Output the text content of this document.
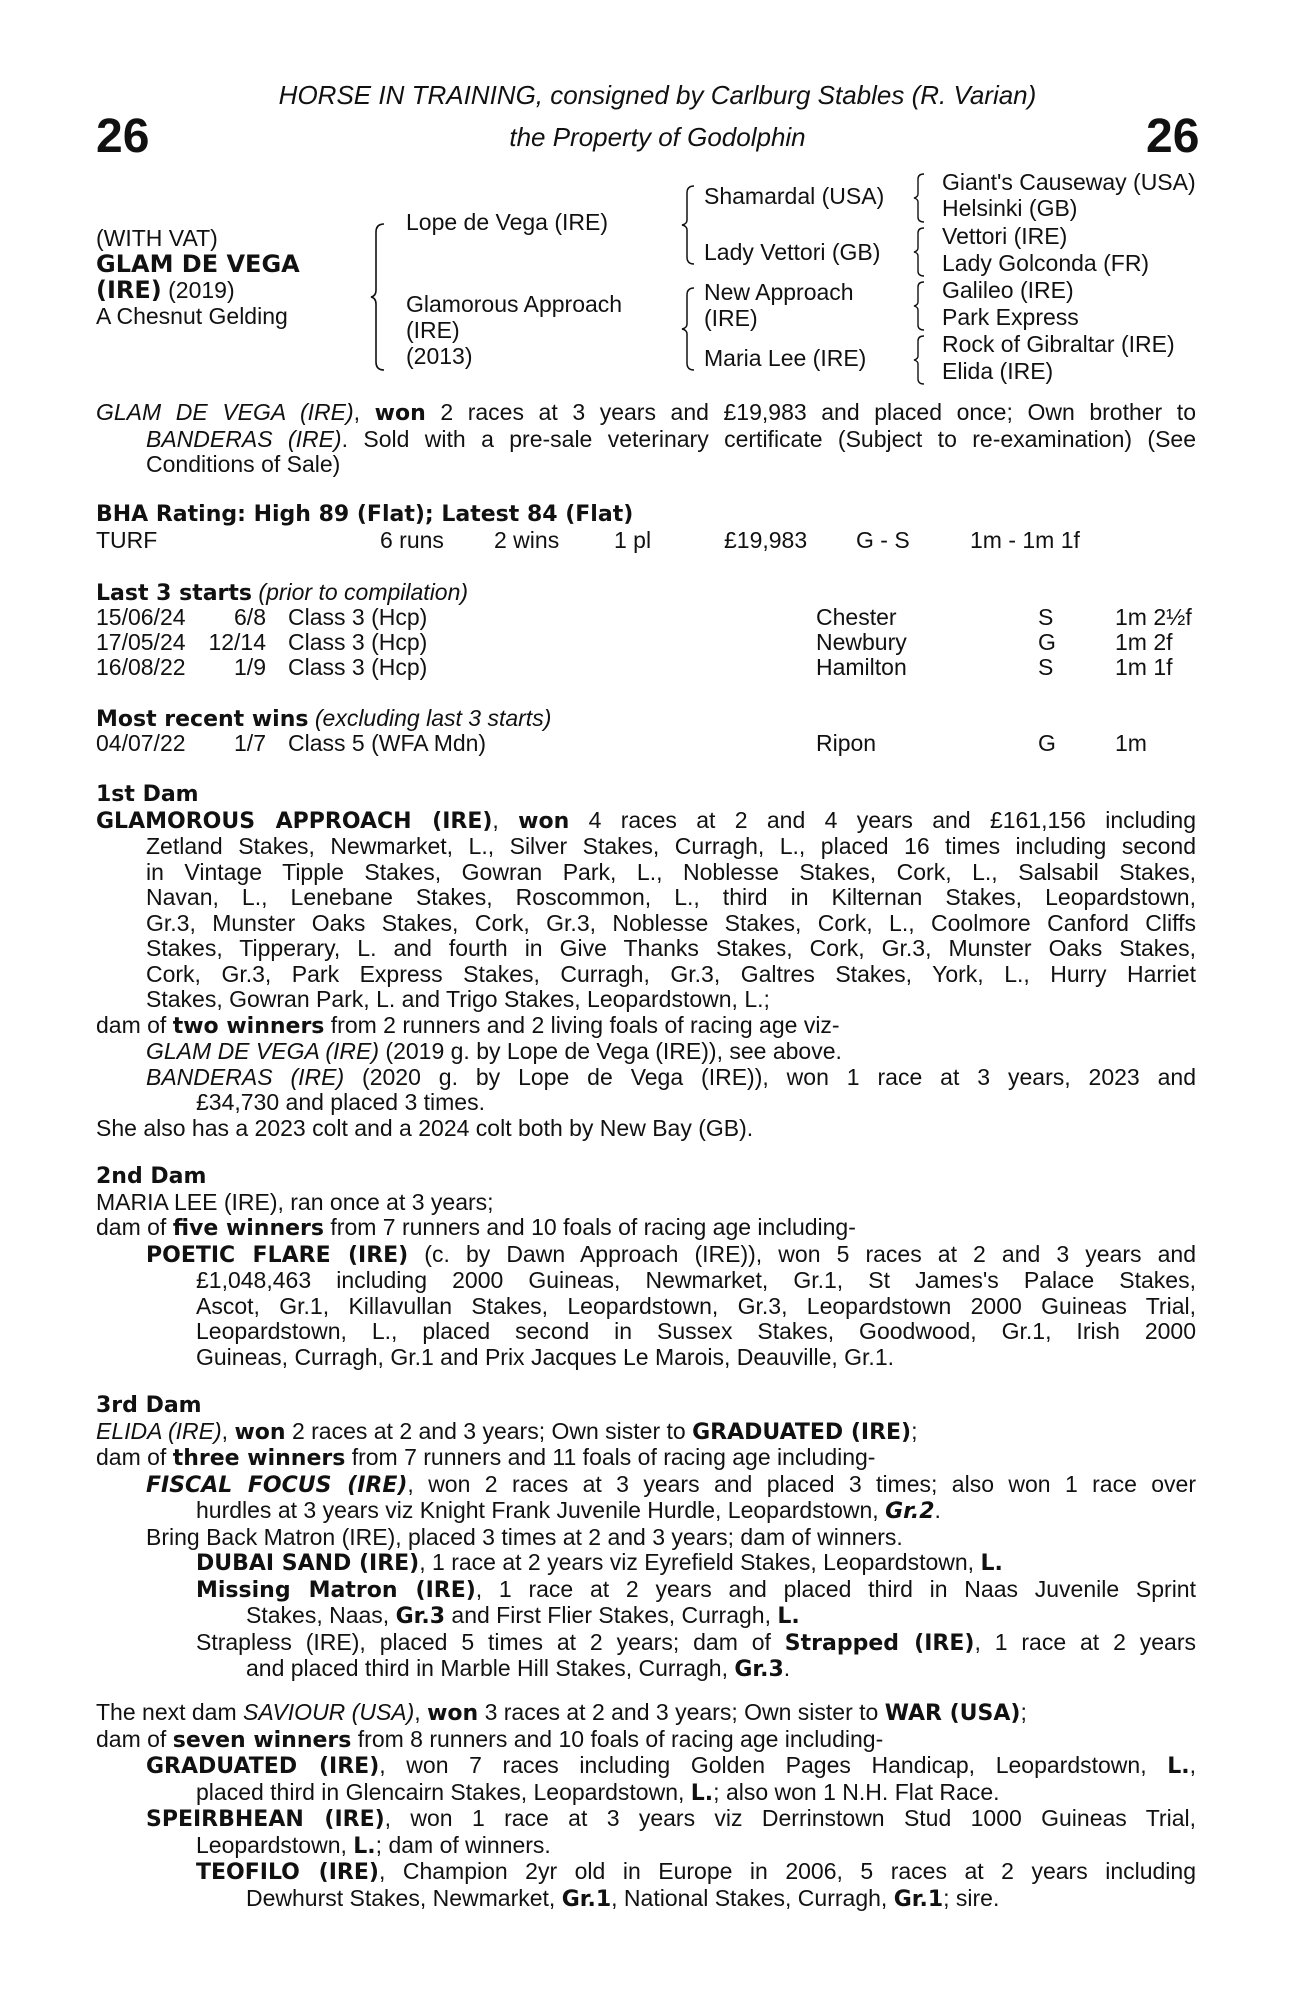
26	26
HORSE IN TRAINING, consigned by Carlburg Stables (R. Varian)
the Property of Godolphin
(WITH VAT)
GLAM DE VEGA
(IRE) (2019)
A Chesnut Gelding
Lope de Vega (IRE)
Glamorous Approach
(IRE)
(2013)
Shamardal (USA)
Lady Vettori (GB)
New Approach
(IRE)
Maria Lee (IRE)
Giant's Causeway (USA)
Helsinki (GB)
Vettori (IRE)
Lady Golconda (FR)
Galileo (IRE)
Park Express
Rock of Gibraltar (IRE)
Elida (IRE)
GLAM DE VEGA (IRE), won 2 races at 3 years and £19,983 and placed once; Own brother to
BANDERAS (IRE). Sold with a pre-sale veterinary certificate (Subject to re-examination) (See
Conditions of Sale)
BHA Rating: High 89 (Flat); Latest 84 (Flat)
TURF	6 runs 2 wins 1 pl	£19,983 G - S	1m - 1m 1f
Last 3 starts (prior to compilation)
15/06/24 6/8 Class 3 (Hcp)	Chester	S	1m 2½f
17/05/24 12/14 Class 3 (Hcp)	Newbury	G	1m 2f
16/08/22 1/9 Class 3 (Hcp)	Hamilton	S	1m 1f
Most recent wins (excluding last 3 starts)
04/07/22 1/7 Class 5 (WFA Mdn)	Ripon	G	1m
1st Dam
GLAMOROUS APPROACH (IRE), won 4 races at 2 and 4 years and £161,156 including
Zetland Stakes, Newmarket, L., Silver Stakes, Curragh, L., placed 16 times including second
in Vintage Tipple Stakes, Gowran Park, L., Noblesse Stakes, Cork, L., Salsabil Stakes,
Navan, L., Lenebane Stakes, Roscommon, L., third in Kilternan Stakes, Leopardstown,
Gr.3, Munster Oaks Stakes, Cork, Gr.3, Noblesse Stakes, Cork, L., Coolmore Canford Cliffs
Stakes, Tipperary, L. and fourth in Give Thanks Stakes, Cork, Gr.3, Munster Oaks Stakes,
Cork, Gr.3, Park Express Stakes, Curragh, Gr.3, Galtres Stakes, York, L., Hurry Harriet
Stakes, Gowran Park, L. and Trigo Stakes, Leopardstown, L.;
dam of two winners from 2 runners and 2 living foals of racing age viz-
GLAM DE VEGA (IRE) (2019 g. by Lope de Vega (IRE)), see above.
BANDERAS (IRE) (2020 g. by Lope de Vega (IRE)), won 1 race at 3 years, 2023 and
£34,730 and placed 3 times.
She also has a 2023 colt and a 2024 colt both by New Bay (GB).
2nd Dam
MARIA LEE (IRE), ran once at 3 years;
dam of five winners from 7 runners and 10 foals of racing age including-
POETIC FLARE (IRE) (c. by Dawn Approach (IRE)), won 5 races at 2 and 3 years and
£1,048,463 including 2000 Guineas, Newmarket, Gr.1, St James's Palace Stakes,
Ascot, Gr.1, Killavullan Stakes, Leopardstown, Gr.3, Leopardstown 2000 Guineas Trial,
Leopardstown, L., placed second in Sussex Stakes, Goodwood, Gr.1, Irish 2000
Guineas, Curragh, Gr.1 and Prix Jacques Le Marois, Deauville, Gr.1.
3rd Dam
ELIDA (IRE), won 2 races at 2 and 3 years; Own sister to GRADUATED (IRE);
dam of three winners from 7 runners and 11 foals of racing age including-
FISCAL FOCUS (IRE), won 2 races at 3 years and placed 3 times; also won 1 race over
hurdles at 3 years viz Knight Frank Juvenile Hurdle, Leopardstown, Gr.2.
Bring Back Matron (IRE), placed 3 times at 2 and 3 years; dam of winners.
DUBAI SAND (IRE), 1 race at 2 years viz Eyrefield Stakes, Leopardstown, L.
Missing Matron (IRE), 1 race at 2 years and placed third in Naas Juvenile Sprint
Stakes, Naas, Gr.3 and First Flier Stakes, Curragh, L.
Strapless (IRE), placed 5 times at 2 years; dam of Strapped (IRE), 1 race at 2 years
and placed third in Marble Hill Stakes, Curragh, Gr.3.
The next dam SAVIOUR (USA), won 3 races at 2 and 3 years; Own sister to WAR (USA);
dam of seven winners from 8 runners and 10 foals of racing age including-
GRADUATED (IRE), won 7 races including Golden Pages Handicap, Leopardstown, L.,
placed third in Glencairn Stakes, Leopardstown, L.; also won 1 N.H. Flat Race.
SPEIRBHEAN (IRE), won 1 race at 3 years viz Derrinstown Stud 1000 Guineas Trial,
Leopardstown, L.; dam of winners.
TEOFILO (IRE), Champion 2yr old in Europe in 2006, 5 races at 2 years including
Dewhurst Stakes, Newmarket, Gr.1, National Stakes, Curragh, Gr.1; sire.
